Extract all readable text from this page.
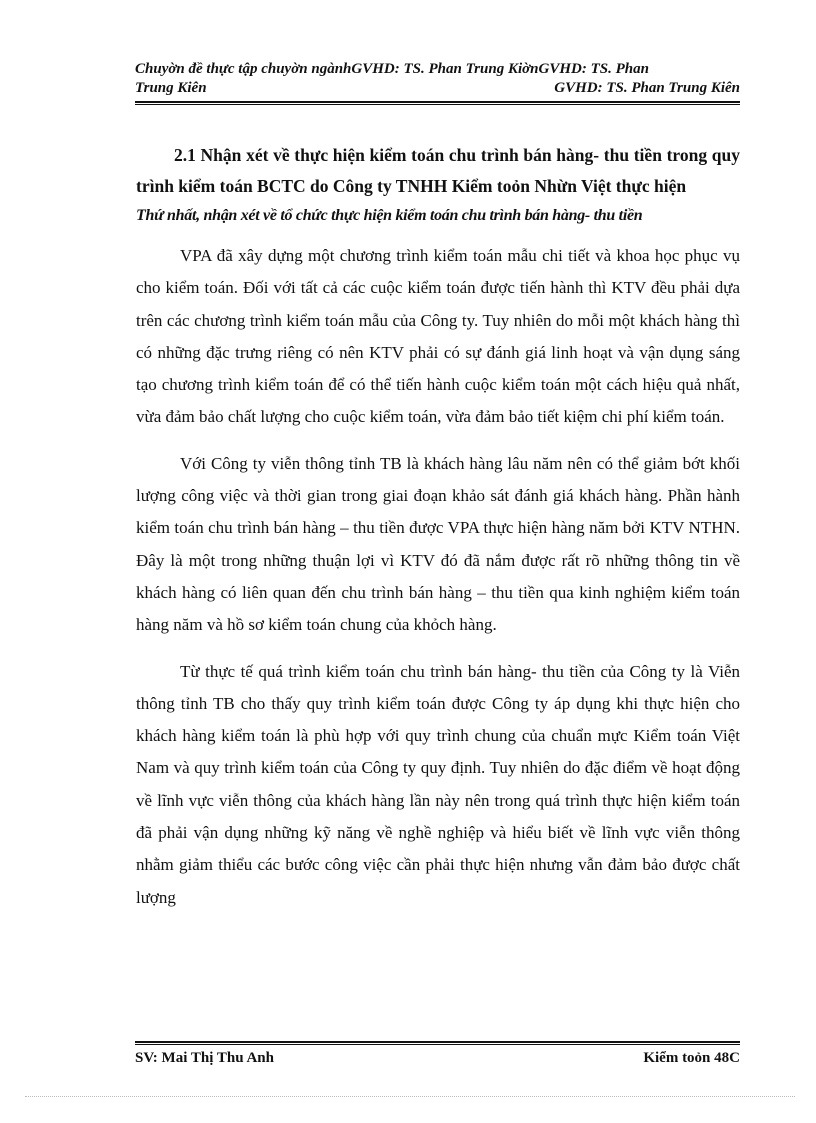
Chuyờn đề thực tập chuyờn ngànhGVHD: TS. Phan Trung KiờnGVHD: TS. Phan
Trung Kiên	GVHD: TS. Phan Trung Kiên

2.1 Nhận xét về thực hiện kiểm toán chu trình bán hàng- thu tiền trong quy trình kiểm toán BCTC do Công ty TNHH Kiểm toỏn Nhừn Việt thực hiện

Thứ nhất, nhận xét về tổ chức thực hiện kiểm toán chu trình bán hàng- thu tiền

VPA đã xây dựng một chương trình kiểm toán mẫu chi tiết và khoa học phục vụ cho kiểm toán. Đối với tất cả các cuộc kiểm toán được tiến hành thì KTV đều phải dựa trên các chương trình kiểm toán mẫu của Công ty. Tuy nhiên do mỗi một khách hàng thì có những đặc trưng riêng có nên KTV phải có sự đánh giá linh hoạt và vận dụng sáng tạo chương trình kiểm toán để có thể tiến hành cuộc kiểm toán một cách hiệu quả nhất, vừa đảm bảo chất lượng cho cuộc kiểm toán, vừa đảm bảo tiết kiệm chi phí kiểm toán.

Với Công ty viễn thông tỉnh TB là khách hàng lâu năm nên có thể giảm bớt khối lượng công việc và thời gian trong giai đoạn khảo sát đánh giá khách hàng. Phần hành kiểm toán chu trình bán hàng – thu tiền được VPA thực hiện hàng năm bởi KTV NTHN. Đây là một trong những thuận lợi vì KTV đó đã nắm được rất rõ những thông tin về khách hàng có liên quan đến chu trình bán hàng – thu tiền qua kinh nghiệm kiểm toán hàng năm và hồ sơ kiểm toán chung của khỏch hàng.

Từ thực tế quá trình kiểm toán chu trình bán hàng- thu tiền của Công ty là Viễn thông tỉnh TB cho thấy quy trình kiểm toán được Công ty áp dụng khi thực hiện cho khách hàng kiểm toán là phù hợp với quy trình chung của chuẩn mực Kiểm toán Việt Nam và quy trình kiểm toán của Công ty quy định. Tuy nhiên do đặc điểm về hoạt động về lĩnh vực viễn thông của khách hàng lần này nên trong quá trình thực hiện kiểm toán đã phải vận dụng những kỹ năng về nghề nghiệp và hiểu biết về lĩnh vực viễn thông nhằm giảm thiểu các bước công việc cần phải thực hiện nhưng vẫn đảm bảo được chất lượng

SV: Mai Thị Thu Anh	Kiểm toỏn 48C
